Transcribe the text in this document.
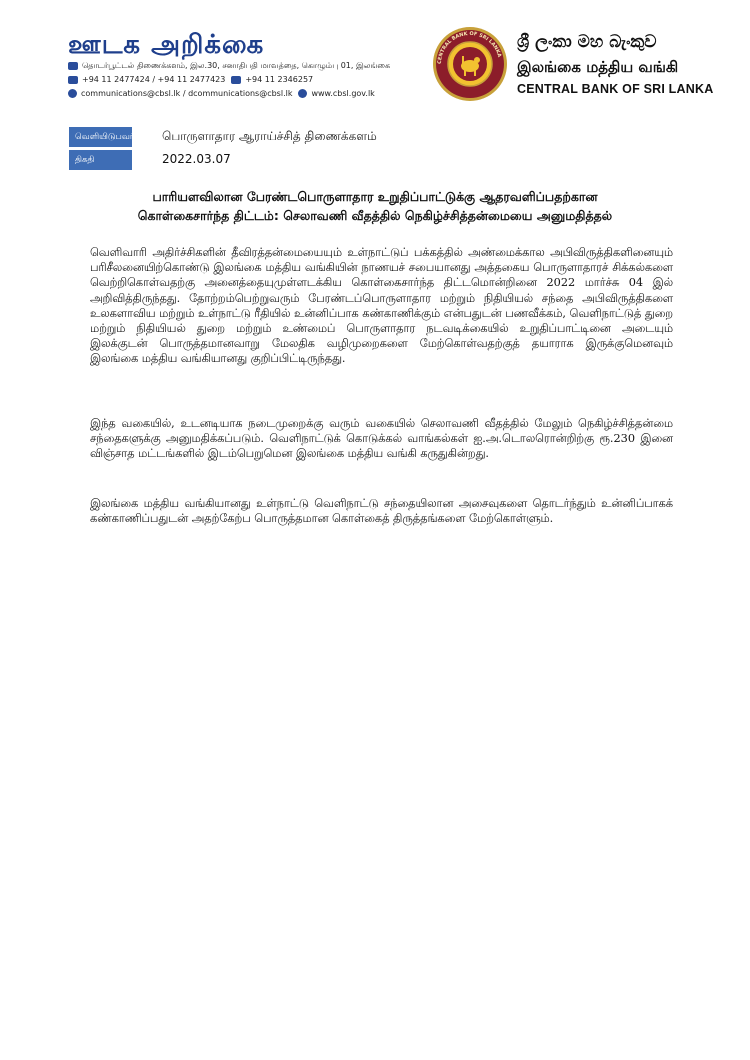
ஊடக அறிக்கை
தொடர்பூட்டல் திணைக்களம், இல.30, சனாதிபதி மாவத்தை, கொழும்பு 01, இலங்கை
+94 11 2477424 / +94 11 2477423	+94 11 2346257
communications@cbsl.lk / dcommunications@cbsl.lk www.cbsl.gov.lk
CENTRAL BANK OF SRI LANKA
ශ්‍රී ලංකා මහ බැංකුව
இலங்கை மத்திய வங்கி
CENTRAL BANK OF SRI LANKA
வெளியிடுபவர் பொருளாதார ஆராய்ச்சித் திணைக்களம்
திகதி	2022.03.07
பாரியளவிலான பேரண்டபொருளாதார உறுதிப்பாட்டுக்கு ஆதரவளிப்பதற்கான
கொள்கைசார்ந்த திட்டம்: செலாவணி வீதத்தில் நெகிழ்ச்சித்தன்மையை அனுமதித்தல்
வெளிவாரி அதிர்ச்சிகளின் தீவிரத்தன்மையையும் உள்நாட்டுப் பக்கத்தில் அண்மைக்கால அபிவிருத்திகளினையும் பரிசீலனையிற்கொண்டு இலங்கை மத்திய வங்கியின் நாணயச் சபையானது அத்தகைய பொருளாதாரச் சிக்கல்களை வெற்றிகொள்வதற்கு அனைத்தையுமுள்ளடக்கிய கொள்கைசார்ந்த திட்டமொன்றினை 2022 மார்ச்சு 04 இல் அறிவித்திருந்தது. தோற்றம்பெற்றுவரும் பேரண்டப்பொருளாதார மற்றும் நிதியியல் சந்தை அபிவிருத்திகளை உலகளாவிய மற்றும் உள்நாட்டு ரீதியில் உன்னிப்பாக கண்காணிக்கும் என்பதுடன் பணவீக்கம், வெளிநாட்டுத் துறை மற்றும் நிதியியல் துறை மற்றும் உண்மைப் பொருளாதார நடவடிக்கையில் உறுதிப்பாட்டினை அடையும் இலக்குடன் பொருத்தமானவாறு மேலதிக வழிமுறைகளை மேற்கொள்வதற்குத் தயாராக இருக்குமெனவும் இலங்கை மத்திய வங்கியானது குறிப்பிட்டிருந்தது.
இந்த வகையில், உடனடியாக நடைமுறைக்கு வரும் வகையில் செலாவணி வீதத்தில் மேலும் நெகிழ்ச்சித்தன்மை சந்தைகளுக்கு அனுமதிக்கப்படும். வெளிநாட்டுக் கொடுக்கல் வாங்கல்கள் ஐ.அ.டொலரொன்றிற்கு ரூ.230 இனை விஞ்சாத மட்டங்களில் இடம்பெறுமென இலங்கை மத்திய வங்கி கருதுகின்றது.
இலங்கை மத்திய வங்கியானது உள்நாட்டு வெளிநாட்டு சந்தையிலான அசைவுகளை தொடர்ந்தும் உன்னிப்பாகக் கண்காணிப்பதுடன் அதற்கேற்ப பொருத்தமான கொள்கைத் திருத்தங்களை மேற்கொள்ளும்.
